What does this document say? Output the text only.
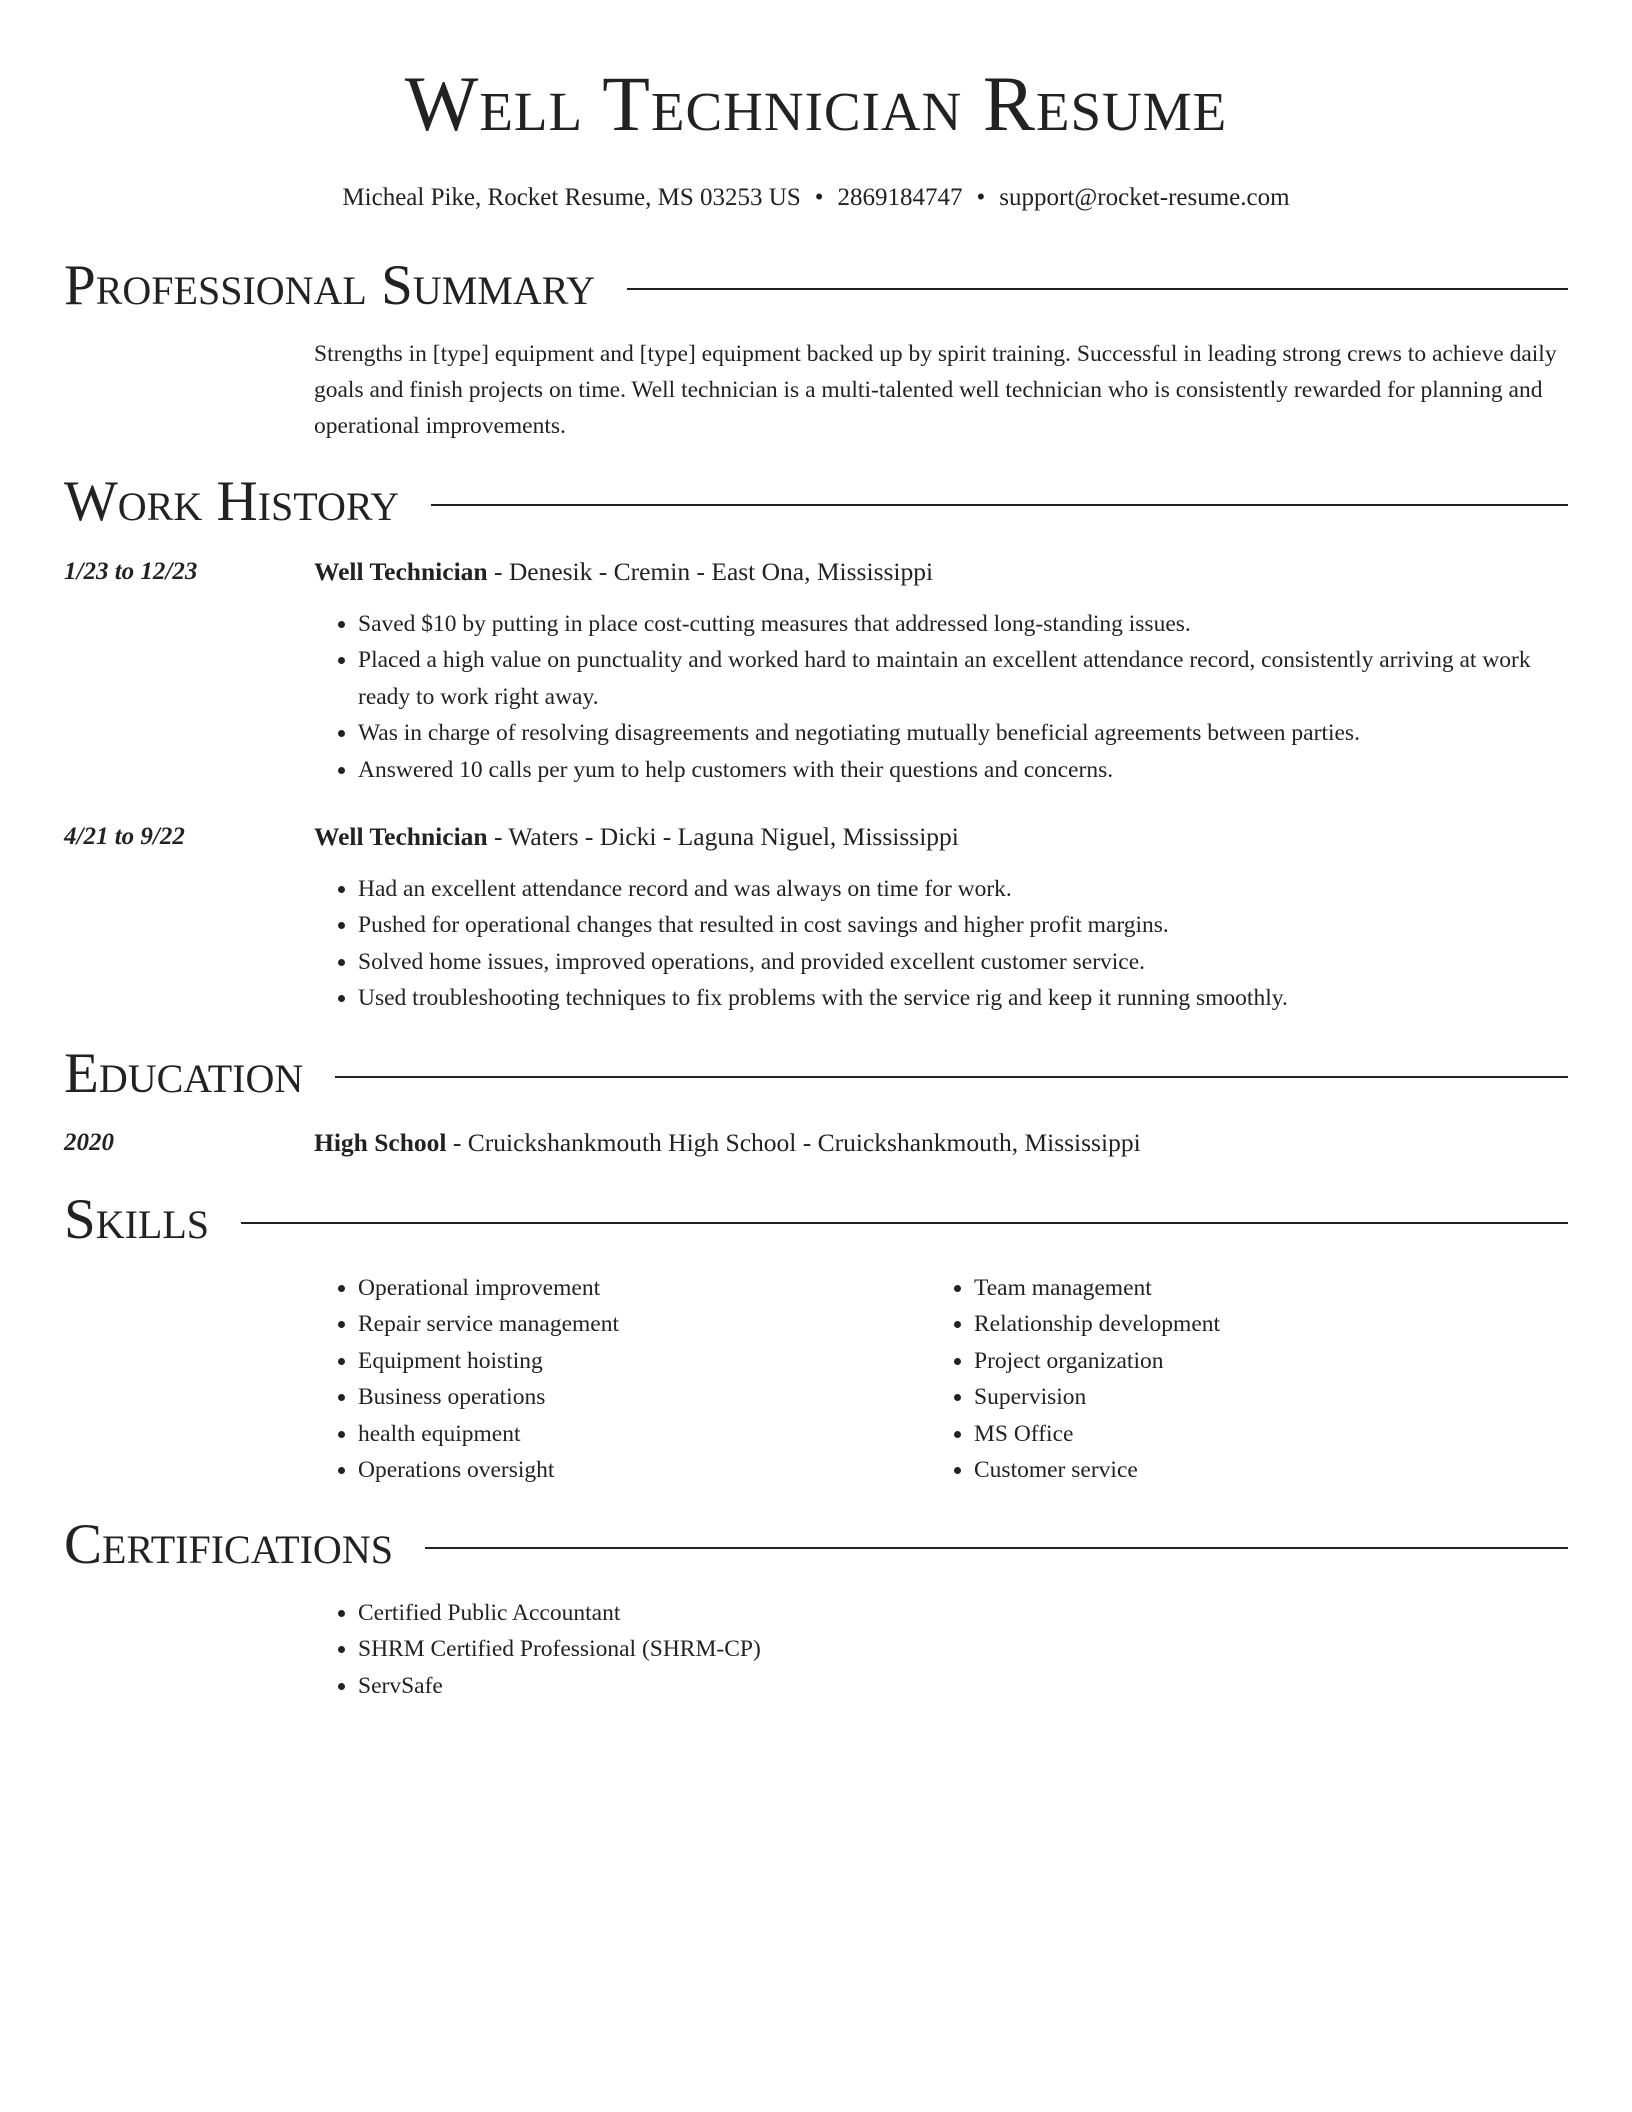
Well Technician Resume
Micheal Pike, Rocket Resume, MS 03253 US • 2869184747 • support@rocket-resume.com
Professional Summary
Strengths in [type] equipment and [type] equipment backed up by spirit training. Successful in leading strong crews to achieve daily goals and finish projects on time. Well technician is a multi-talented well technician who is consistently rewarded for planning and operational improvements.
Work History
1/23 to 12/23	Well Technician - Denesik - Cremin - East Ona, Mississippi
• Saved $10 by putting in place cost-cutting measures that addressed long-standing issues.
• Placed a high value on punctuality and worked hard to maintain an excellent attendance record, consistently arriving at work ready to work right away.
• Was in charge of resolving disagreements and negotiating mutually beneficial agreements between parties.
• Answered 10 calls per yum to help customers with their questions and concerns.
4/21 to 9/22	Well Technician - Waters - Dicki - Laguna Niguel, Mississippi
• Had an excellent attendance record and was always on time for work.
• Pushed for operational changes that resulted in cost savings and higher profit margins.
• Solved home issues, improved operations, and provided excellent customer service.
• Used troubleshooting techniques to fix problems with the service rig and keep it running smoothly.
Education
2020	High School - Cruickshankmouth High School - Cruickshankmouth, Mississippi
Skills
• Operational improvement
• Repair service management
• Equipment hoisting
• Business operations
• health equipment
• Operations oversight
• Team management
• Relationship development
• Project organization
• Supervision
• MS Office
• Customer service
Certifications
• Certified Public Accountant
• SHRM Certified Professional (SHRM-CP)
• ServSafe
